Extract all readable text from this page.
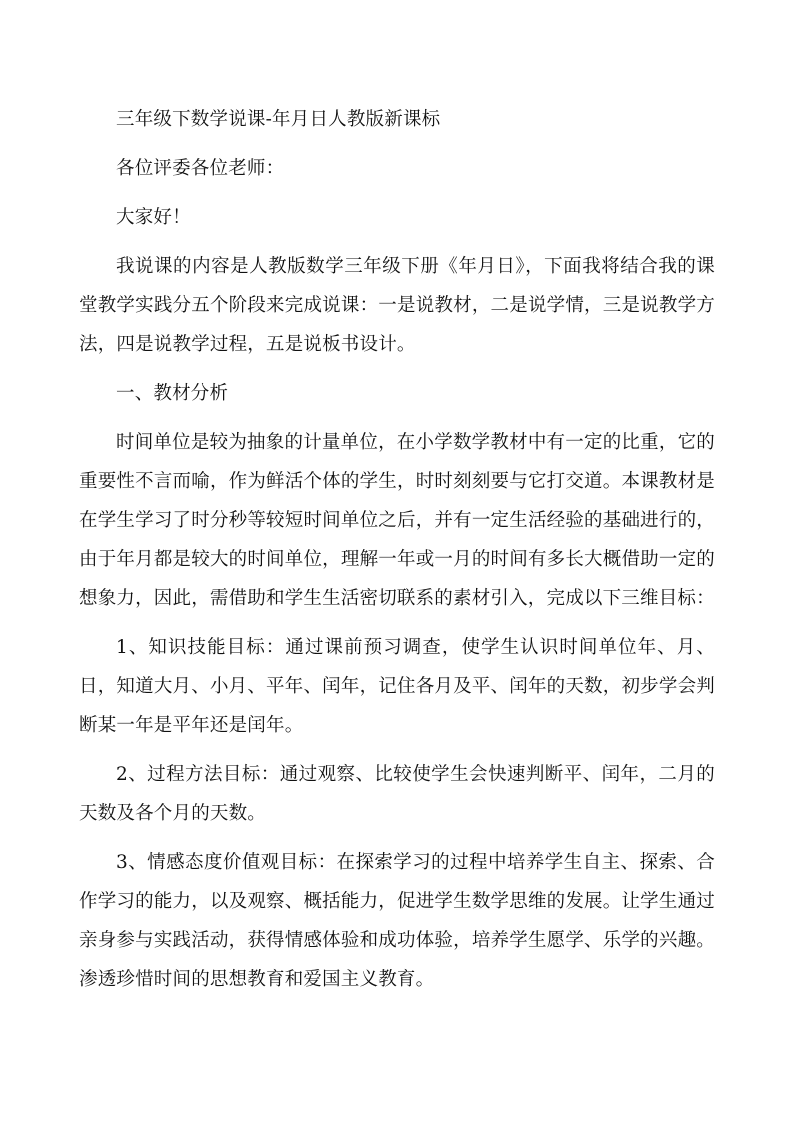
三年级下数学说课-年月日人教版新课标

各位评委各位老师：

大家好！

我说课的内容是人教版数学三年级下册《年月日》，下面我将结合我的课堂教学实践分五个阶段来完成说课：一是说教材，二是说学情，三是说教学方法，四是说教学过程，五是说板书设计。

一、教材分析

时间单位是较为抽象的计量单位，在小学数学教材中有一定的比重，它的重要性不言而喻，作为鲜活个体的学生，时时刻刻要与它打交道。本课教材是在学生学习了时分秒等较短时间单位之后，并有一定生活经验的基础进行的，由于年月都是较大的时间单位，理解一年或一月的时间有多长大概借助一定的想象力，因此，需借助和学生生活密切联系的素材引入，完成以下三维目标：

1、知识技能目标：通过课前预习调查，使学生认识时间单位年、月、日，知道大月、小月、平年、闰年，记住各月及平、闰年的天数，初步学会判断某一年是平年还是闰年。

2、过程方法目标：通过观察、比较使学生会快速判断平、闰年，二月的天数及各个月的天数。

3、情感态度价值观目标：在探索学习的过程中培养学生自主、探索、合作学习的能力，以及观察、概括能力，促进学生数学思维的发展。让学生通过亲身参与实践活动，获得情感体验和成功体验，培养学生愿学、乐学的兴趣。渗透珍惜时间的思想教育和爱国主义教育。
